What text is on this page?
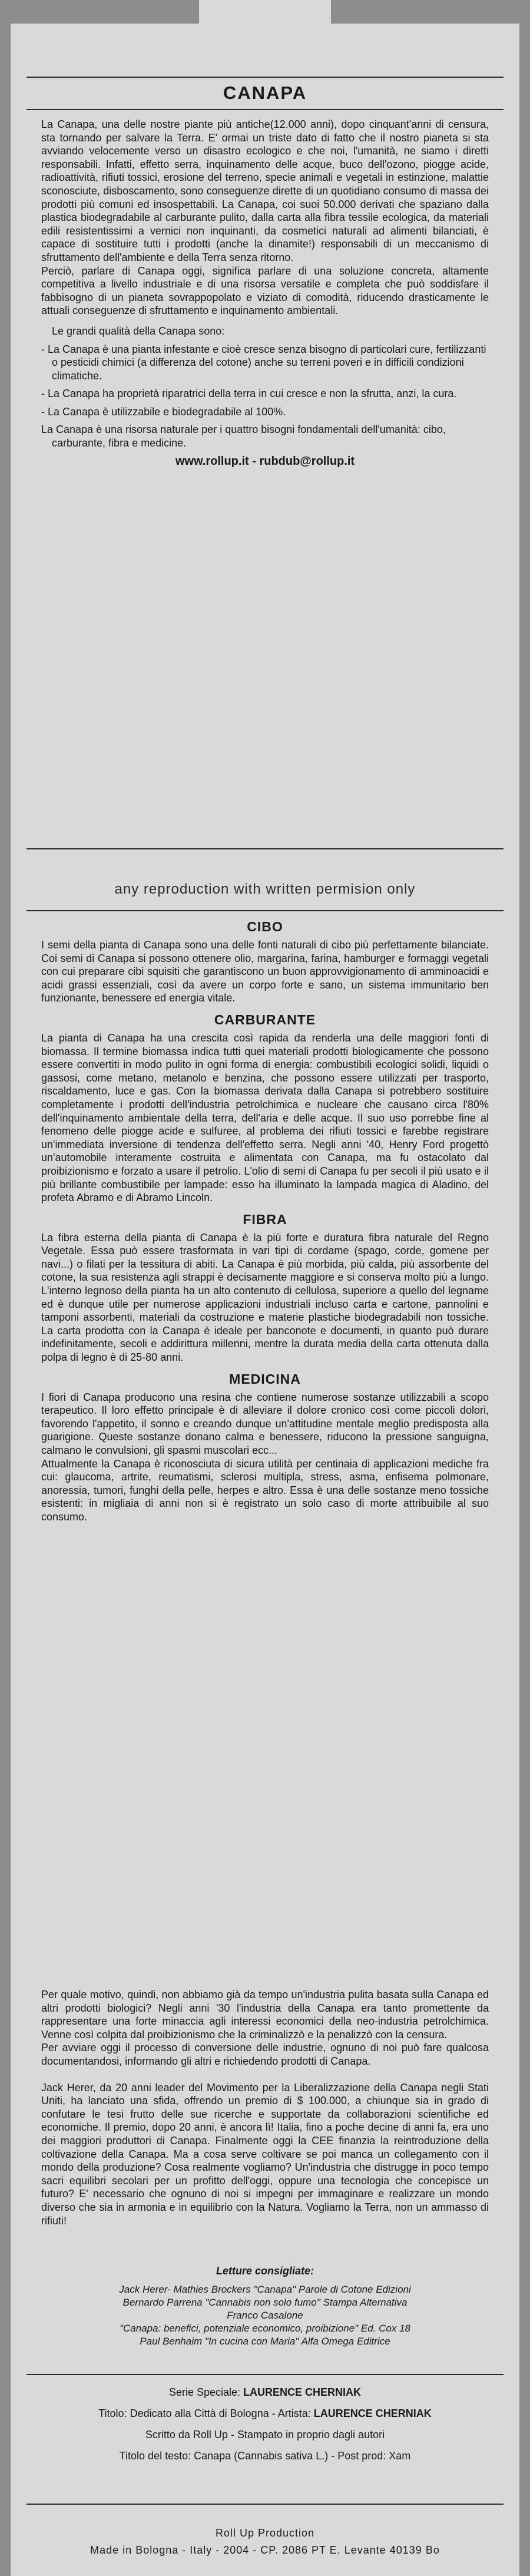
CANAPA

La Canapa, una delle nostre piante più antiche(12.000 anni), dopo cinquant'anni di censura, sta tornando per salvare la Terra. E' ormai un triste dato di fatto che il nostro pianeta si sta avviando velocemente verso un disastro ecologico e che noi, l'umanità, ne siamo i diretti responsabili. Infatti, effetto serra, inquinamento delle acque, buco dell'ozono, piogge acide, radioattività, rifiuti tossici, erosione del terreno, specie animali e vegetali in estinzione, malattie sconosciute, disboscamento, sono conseguenze dirette di un quotidiano consumo di massa dei prodotti più comuni ed insospettabili. La Canapa, coi suoi 50.000 derivati che spaziano dalla plastica biodegradabile al carburante pulito, dalla carta alla fibra tessile ecologica, da materiali edili resistentissimi a vernici non inquinanti, da cosmetici naturali ad alimenti bilanciati, è capace di sostituire tutti i prodotti (anche la dinamite!) responsabili di un meccanismo di sfruttamento dell'ambiente e della Terra senza ritorno.

Perciò, parlare di Canapa oggi, significa parlare di una soluzione concreta, altamente competitiva a livello industriale e di una risorsa versatile e completa che può soddisfare il fabbisogno di un pianeta sovrappopolato e viziato di comodità, riducendo drasticamente le attuali conseguenze di sfruttamento e inquinamento ambientali.

Le grandi qualità della Canapa sono:

- La Canapa è una pianta infestante e cioè cresce senza bisogno di particolari cure, fertilizzanti o pesticidi chimici (a differenza del cotone) anche su terreni poveri e in difficili condizioni climatiche.
- La Canapa ha proprietà riparatrici della terra in cui cresce e non la sfrutta, anzi, la cura.
- La Canapa è utilizzabile e biodegradabile al 100%.
La Canapa è una risorsa naturale per i quattro bisogni fondamentali dell'umanità: cibo, carburante, fibra e medicine.

www.rollup.it - rubdub@rollup.it

any reproduction with written permision only

CIBO

I semi della pianta di Canapa sono una delle fonti naturali di cibo più perfettamente bilanciate. Coi semi di Canapa si possono ottenere olio, margarina, farina, hamburger e formaggi vegetali con cui preparare cibi squisiti che garantiscono un buon approvvigionamento di amminoacidi e acidi grassi essenziali, così da avere un corpo forte e sano, un sistema immunitario ben funzionante, benessere ed energia vitale.

CARBURANTE

La pianta di Canapa ha una crescita così rapida da renderla una delle maggiori fonti di biomassa. Il termine biomassa indica tutti quei materiali prodotti biologicamente che possono essere convertiti in modo pulito in ogni forma di energia: combustibili ecologici solidi, liquidi o gassosi, come metano, metanolo e benzina, che possono essere utilizzati per trasporto, riscaldamento, luce e gas. Con la biomassa derivata dalla Canapa si potrebbero sostituire completamente i prodotti dell'industria petrolchimica e nucleare che causano circa l'80% dell'inquinamento ambientale della terra, dell'aria e delle acque. Il suo uso porrebbe fine al fenomeno delle piogge acide e sulfuree, al problema dei rifiuti tossici e farebbe registrare un'immediata inversione di tendenza dell'effetto serra. Negli anni '40, Henry Ford progettò un'automobile interamente costruita e alimentata con Canapa, ma fu ostacolato dal proibizionismo e forzato a usare il petrolio. L'olio di semi di Canapa fu per secoli il più usato e il più brillante combustibile per lampade: esso ha illuminato la lampada magica di Aladino, del profeta Abramo e di Abramo Lincoln.

FIBRA

La fibra esterna della pianta di Canapa è la più forte e duratura fibra naturale del Regno Vegetale. Essa può essere trasformata in vari tipi di cordame (spago, corde, gomene per navi...) o filati per la tessitura di abiti. La Canapa è più morbida, più calda, più assorbente del cotone, la sua resistenza agli strappi è decisamente maggiore e si conserva molto più a lungo. L'interno legnoso della pianta ha un alto contenuto di cellulosa, superiore a quello del legname ed è dunque utile per numerose applicazioni industriali incluso carta e cartone, pannolini e tamponi assorbenti, materiali da costruzione e materie plastiche biodegradabili non tossiche. La carta prodotta con la Canapa è ideale per banconote e documenti, in quanto può durare indefinitamente, secoli e addirittura millenni, mentre la durata media della carta ottenuta dalla polpa di legno è di 25-80 anni.

MEDICINA

I fiori di Canapa producono una resina che contiene numerose sostanze utilizzabili a scopo terapeutico. Il loro effetto principale è di alleviare il dolore cronico così come piccoli dolori, favorendo l'appetito, il sonno e creando dunque un'attitudine mentale meglio predisposta alla guarigione. Queste sostanze donano calma e benessere, riducono la pressione sanguigna, calmano le convulsioni, gli spasmi muscolari ecc...

Attualmente la Canapa è riconosciuta di sicura utilità per centinaia di applicazioni mediche fra cui: glaucoma, artrite, reumatismi, sclerosi multipla, stress, asma, enfisema polmonare, anoressia, tumori, funghi della pelle, herpes e altro. Essa è una delle sostanze meno tossiche esistenti: in migliaia di anni non si è registrato un solo caso di morte attribuibile al suo consumo.

Per quale motivo, quindi, non abbiamo già da tempo un'industria pulita basata sulla Canapa ed altri prodotti biologici? Negli anni '30 l'industria della Canapa era tanto promettente da rappresentare una forte minaccia agli interessi economici della neo-industria petrolchimica. Venne così colpita dal proibizionismo che la criminalizzò e la penalizzò con la censura.

Per avviare oggi il processo di conversione delle industrie, ognuno di noi può fare qualcosa documentandosi, informando gli altri e richiedendo prodotti di Canapa.

Jack Herer, da 20 anni leader del Movimento per la Liberalizzazione della Canapa negli Stati Uniti, ha lanciato una sfida, offrendo un premio di $ 100.000, a chiunque sia in grado di confutare le tesi frutto delle sue ricerche e supportate da collaborazioni scientifiche ed economiche. Il premio, dopo 20 anni, è ancora lì! Italia, fino a poche decine di anni fa, era uno dei maggiori produttori di Canapa. Finalmente oggi la CEE finanzia la reintroduzione della coltivazione della Canapa. Ma a cosa serve coltivare se poi manca un collegamento con il mondo della produzione? Cosa realmente vogliamo? Un'industria che distrugge in poco tempo sacri equilibri secolari per un profitto dell'oggi, oppure una tecnologia che concepisce un futuro? E' necessario che ognuno di noi si impegni per immaginare e realizzare un mondo diverso che sia in armonia e in equilibrio con la Natura. Vogliamo la Terra, non un ammasso di rifiuti!

Letture consigliate:

Jack Herer- Mathies Brockers "Canapa" Parole di Cotone Edizioni

Bernardo Parrena "Cannabis non solo fumo" Stampa Alternativa

Franco Casalone

"Canapa: benefici, potenziale economico, proibizione" Ed. Cox 18

Paul Benhaim "In cucina con Maria" Alfa Omega Editrice

Serie Speciale: LAURENCE CHERNIAK

Titolo: Dedicato alla Città di Bologna - Artista: LAURENCE CHERNIAK

Scritto da Roll Up - Stampato in proprio dagli autori

Titolo del testo: Canapa (Cannabis sativa L.) - Post prod: Xam

Roll Up Production

Made in Bologna - Italy - 2004 - CP. 2086 PT E. Levante 40139 Bo
